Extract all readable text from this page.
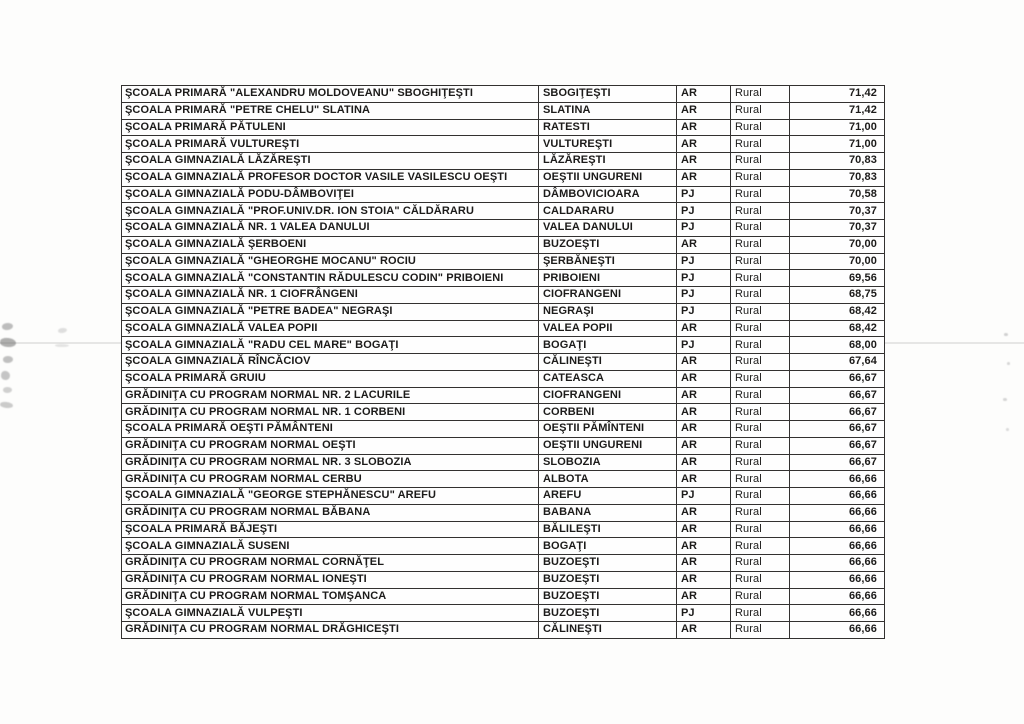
ŞCOALA PRIMARĂ "ALEXANDRU MOLDOVEANU" SBOGHIŢEŞTI	SBOGIŢEŞTI	AR	Rural	71,42
ŞCOALA PRIMARĂ "PETRE CHELU" SLATINA	SLATINA	AR	Rural	71,42
ŞCOALA PRIMARĂ PĂTULENI	RATESTI	AR	Rural	71,00
ŞCOALA PRIMARĂ VULTUREŞTI	VULTUREŞTI	AR	Rural	71,00
ŞCOALA GIMNAZIALĂ LĂZĂREŞTI	LĂZĂREŞTI	AR	Rural	70,83
ŞCOALA GIMNAZIALĂ PROFESOR DOCTOR VASILE VASILESCU OEŞTI	OEŞTII UNGURENI	AR	Rural	70,83
ŞCOALA GIMNAZIALĂ PODU-DÂMBOVIŢEI	DÂMBOVICIOARA	PJ	Rural	70,58
ŞCOALA GIMNAZIALĂ "PROF.UNIV.DR. ION STOIA" CĂLDĂRARU	CALDARARU	PJ	Rural	70,37
ŞCOALA GIMNAZIALĂ NR. 1 VALEA DANULUI	VALEA DANULUI	PJ	Rural	70,37
ŞCOALA GIMNAZIALĂ ŞERBOENI	BUZOEŞTI	AR	Rural	70,00
ŞCOALA GIMNAZIALĂ "GHEORGHE MOCANU" ROCIU	ŞERBĂNEŞTI	PJ	Rural	70,00
ŞCOALA GIMNAZIALĂ "CONSTANTIN RĂDULESCU CODIN" PRIBOIENI	PRIBOIENI	PJ	Rural	69,56
ŞCOALA GIMNAZIALĂ NR. 1 CIOFRÂNGENI	CIOFRANGENI	PJ	Rural	68,75
ŞCOALA GIMNAZIALĂ "PETRE BADEA" NEGRAŞI	NEGRAŞI	PJ	Rural	68,42
ŞCOALA GIMNAZIALĂ VALEA POPII	VALEA POPII	AR	Rural	68,42
ŞCOALA GIMNAZIALĂ "RADU CEL MARE" BOGAŢI	BOGAŢI	PJ	Rural	68,00
ŞCOALA GIMNAZIALĂ RÎNCĂCIOV	CĂLINEŞTI	AR	Rural	67,64
ŞCOALA PRIMARĂ GRUIU	CATEASCA	AR	Rural	66,67
GRĂDINIŢA CU PROGRAM NORMAL NR. 2 LACURILE	CIOFRANGENI	AR	Rural	66,67
GRĂDINIŢA CU PROGRAM NORMAL NR. 1 CORBENI	CORBENI	AR	Rural	66,67
ŞCOALA PRIMARĂ OEŞTI PĂMÂNTENI	OEŞTII PĂMÎNTENI	AR	Rural	66,67
GRĂDINIŢA CU PROGRAM NORMAL OEŞTI	OEŞTII UNGURENI	AR	Rural	66,67
GRĂDINIŢA CU PROGRAM NORMAL NR. 3 SLOBOZIA	SLOBOZIA	AR	Rural	66,67
GRĂDINIŢA CU PROGRAM NORMAL CERBU	ALBOTA	AR	Rural	66,66
ŞCOALA GIMNAZIALĂ "GEORGE STEPHĂNESCU" AREFU	AREFU	PJ	Rural	66,66
GRĂDINIŢA CU PROGRAM NORMAL BĂBANA	BABANA	AR	Rural	66,66
ŞCOALA PRIMARĂ BĂJEŞTI	BĂLILEŞTI	AR	Rural	66,66
ŞCOALA GIMNAZIALĂ SUSENI	BOGAŢI	AR	Rural	66,66
GRĂDINIŢA CU PROGRAM NORMAL CORNĂŢEL	BUZOEŞTI	AR	Rural	66,66
GRĂDINIŢA CU PROGRAM NORMAL IONEŞTI	BUZOEŞTI	AR	Rural	66,66
GRĂDINIŢA CU PROGRAM NORMAL TOMŞANCA	BUZOEŞTI	AR	Rural	66,66
ŞCOALA GIMNAZIALĂ VULPEŞTI	BUZOEŞTI	PJ	Rural	66,66
GRĂDINIŢA CU PROGRAM NORMAL DRĂGHICEŞTI	CĂLINEŞTI	AR	Rural	66,66
